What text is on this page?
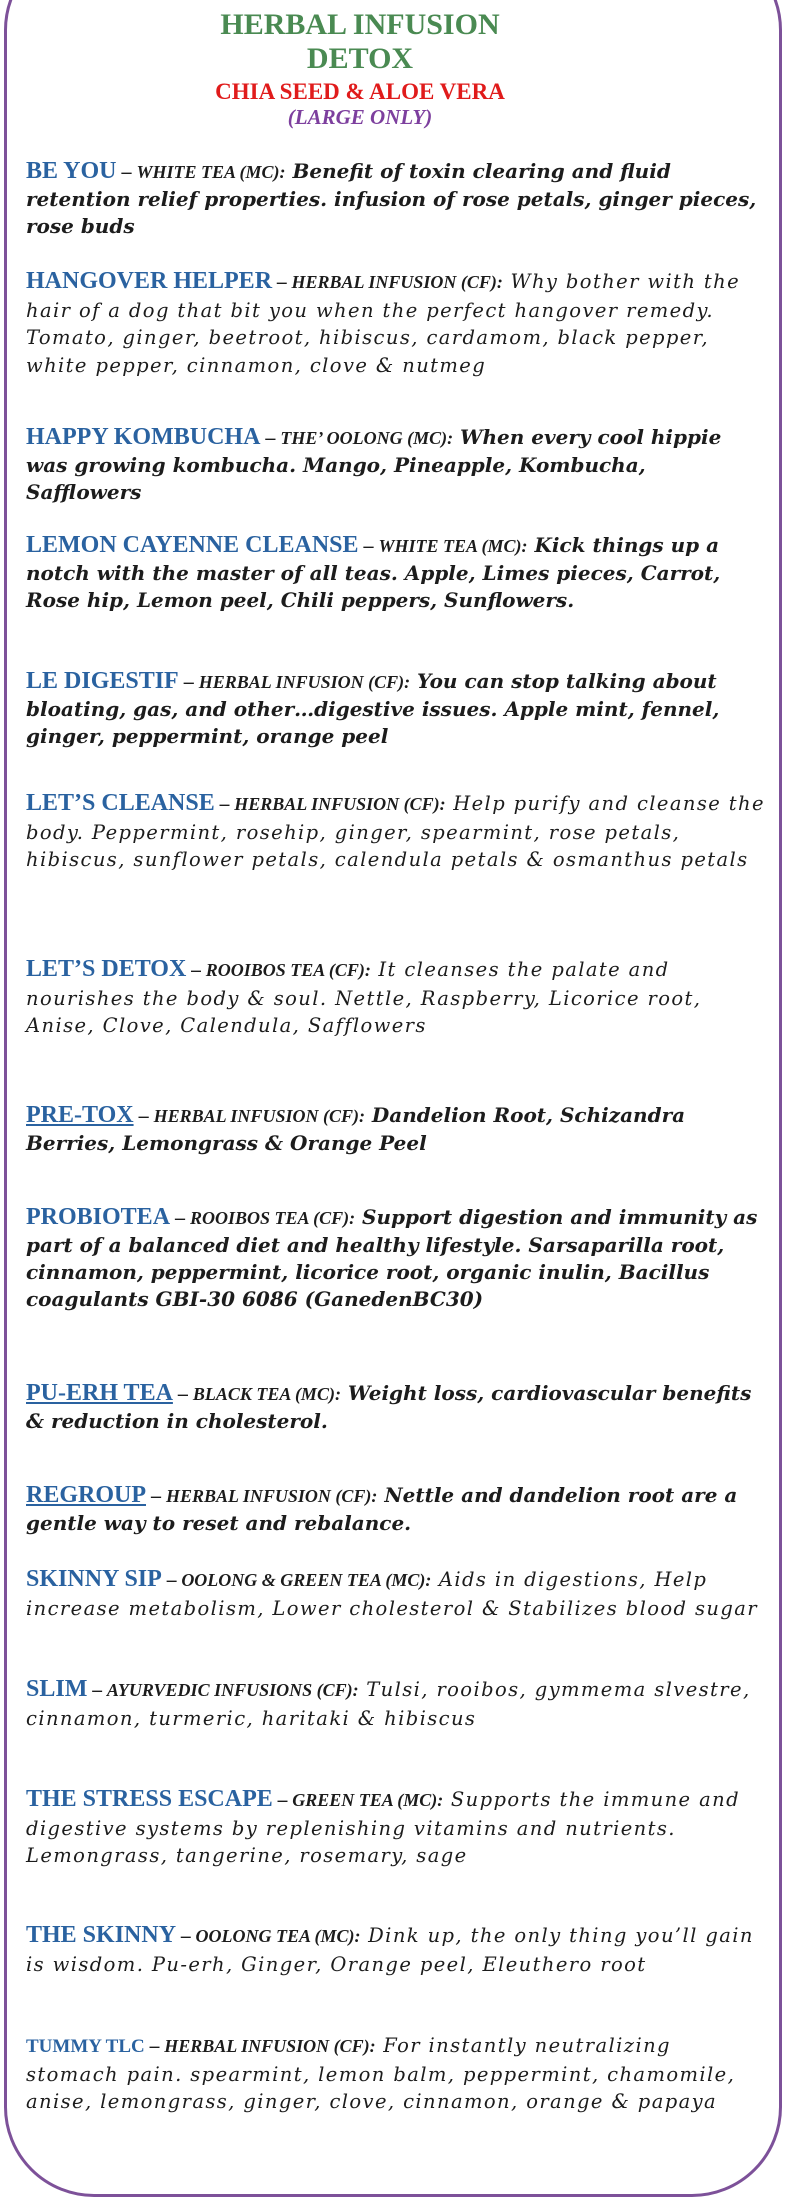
HERBAL INFUSION
DETOX
CHIA SEED & ALOE VERA
(LARGE ONLY)
BE YOU – WHITE TEA (MC): Benefit of toxin clearing and fluid retention relief properties. infusion of rose petals, ginger pieces, rose buds
HANGOVER HELPER – HERBAL INFUSION (CF): Why bother with the hair of a dog that bit you when the perfect hangover remedy. Tomato, ginger, beetroot, hibiscus, cardamom, black pepper, white pepper, cinnamon, clove & nutmeg
HAPPY KOMBUCHA – THE’ OOLONG (MC): When every cool hippie was growing kombucha. Mango, Pineapple, Kombucha, Safflowers
LEMON CAYENNE CLEANSE – WHITE TEA (MC): Kick things up a notch with the master of all teas. Apple, Limes pieces, Carrot, Rose hip, Lemon peel, Chili peppers, Sunflowers.
LE DIGESTIF – HERBAL INFUSION (CF): You can stop talking about bloating, gas, and other…digestive issues. Apple mint, fennel, ginger, peppermint, orange peel
LET’S CLEANSE – HERBAL INFUSION (CF): Help purify and cleanse the body. Peppermint, rosehip, ginger, spearmint, rose petals, hibiscus, sunflower petals, calendula petals & osmanthus petals
LET’S DETOX – ROOIBOS TEA (CF): It cleanses the palate and nourishes the body & soul. Nettle, Raspberry, Licorice root, Anise, Clove, Calendula, Safflowers
PRE-TOX – HERBAL INFUSION (CF): Dandelion Root, Schizandra Berries, Lemongrass & Orange Peel
PROBIOTEA – ROOIBOS TEA (CF): Support digestion and immunity as part of a balanced diet and healthy lifestyle. Sarsaparilla root, cinnamon, peppermint, licorice root, organic inulin, Bacillus coagulants GBI-30 6086 (GanedenBC30)
PU-ERH TEA – BLACK TEA (MC): Weight loss, cardiovascular benefits & reduction in cholesterol.
REGROUP – HERBAL INFUSION (CF): Nettle and dandelion root are a gentle way to reset and rebalance.
SKINNY SIP – OOLONG & GREEN TEA (MC): Aids in digestions, Help increase metabolism, Lower cholesterol & Stabilizes blood sugar
SLIM – AYURVEDIC INFUSIONS (CF): Tulsi, rooibos, gymmema slvestre, cinnamon, turmeric, haritaki & hibiscus
THE STRESS ESCAPE – GREEN TEA (MC): Supports the immune and digestive systems by replenishing vitamins and nutrients. Lemongrass, tangerine, rosemary, sage
THE SKINNY – OOLONG TEA (MC): Dink up, the only thing you’ll gain is wisdom. Pu-erh, Ginger, Orange peel, Eleuthero root
TUMMY TLC – HERBAL INFUSION (CF): For instantly neutralizing stomach pain. spearmint, lemon balm, peppermint, chamomile, anise, lemongrass, ginger, clove, cinnamon, orange & papaya
